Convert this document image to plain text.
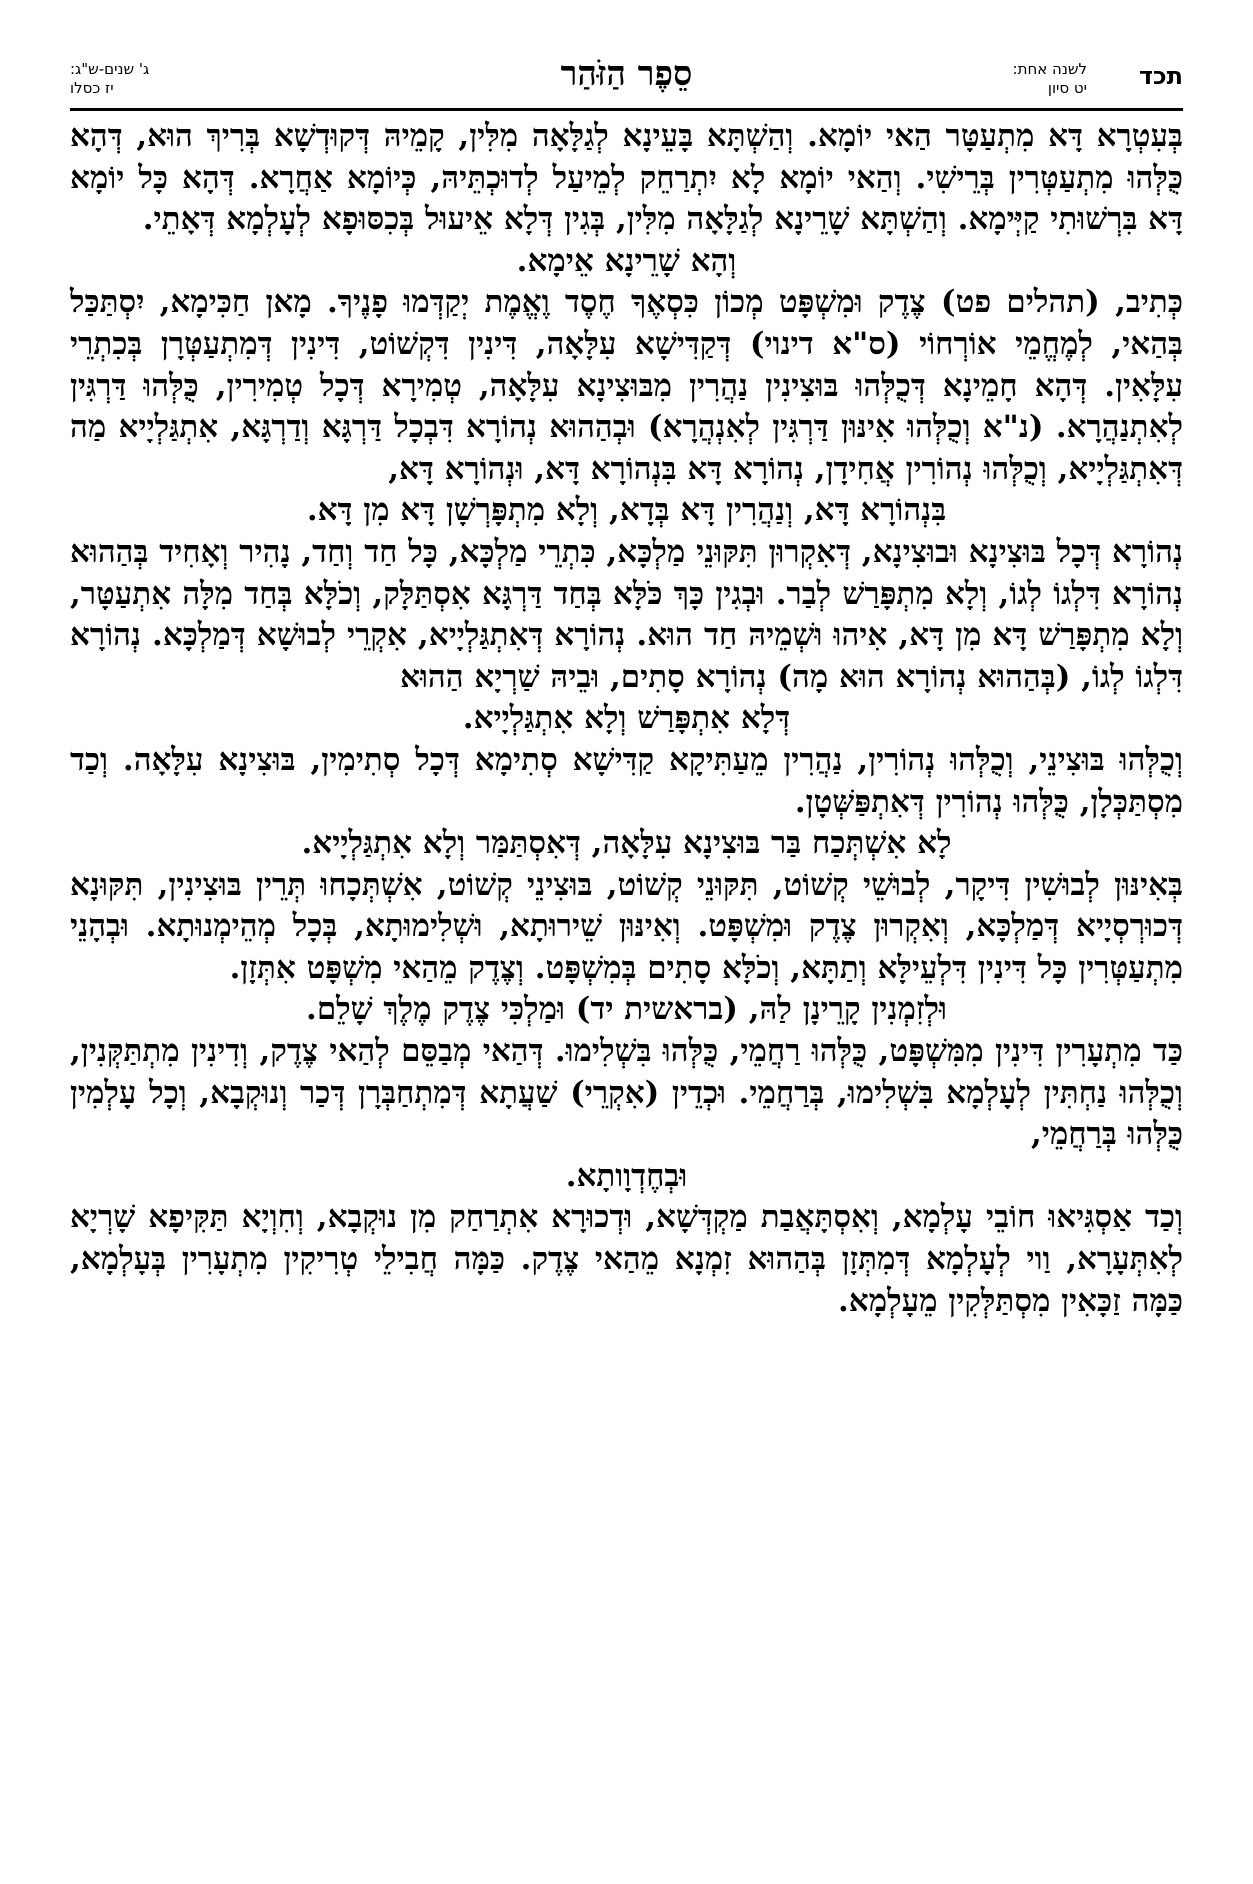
תכד
לשנה אחת:
יט סיון
סֵפֶר הַזֹּהַר
ג' שנים-ש"ג:
יז כסלו
בְּעִטְרָא דָּא מִתְעַטָּר הַאי יוֹמָא. וְהַשְׁתָּא בָּעֵינָא לְגַלָּאָה מִלִּין, קָמֵיהּ דְּקוּדְשָׁא בְּרִיךְ הוּא, דְּהָא כֻּלְּהוּ מִתְעַטְּרִין בְּרֵישִׁי. וְהַאי יוֹמָא לָא יִתְרַחֵק לְמֵיעַל לְדוּכְתֵּיהּ, כְּיוֹמָא אַחֲרָא. דְּהָא כָּל יוֹמָא דָּא בִּרְשׁוּתִי קַיְּימָא. וְהַשְׁתָּא שָׁרֵינָא לְגַלָּאָה מִלִּין, בְּגִין דְּלָא אֵיעוּל בְּכִסּוּפָא לְעָלְמָא דְּאָתֵי.
וְהָא שָׁרֵינָא אֵימָא.
כְּתִיב, (תהלים פט) צֶדֶק וּמִשְׁפָּט מְכוֹן כִּסְאֶךָ חֶסֶד וֶאֱמֶת יְקַדְּמוּ פָנֶיךָ. מָאן חַכִּימָא, יִסְתַּכַּל בְּהַאי, לְמֶחֱמֵי אוֹרְחוֹי (ס"א דינוי) דְּקַדִּישָׁא עִלָּאָה, דִּינִין דִּקְשׁוֹט, דִּינִין דְּמִתְעַטְּרָן בְּכִתְרֵי עִלָּאִין. דְּהָא חָמֵינָא דְּכֻלְּהוּ בּוּצִינִין נַהֲרִין מִבּוּצִינָא עִלָּאָה, טְמִירָא דְּכָל טְמִירִין, כֻּלְּהוּ דַּרְגִּין לְאִתְנַהֲרָא. (נ"א וְכֻלְּהוּ אִינּוּן דַּרְגִּין לְאִנְהֲרָא) וּבְהַהוּא נְהוֹרָא דִּבְכָל דַּרְגָּא וְדַרְגָּא, אִתְגַּלְיָיא מַה דְּאִתְגַּלְיָיא, וְכֻלְּהוּ נְהוֹרִין אֲחִידָן, נְהוֹרָא דָּא בִּנְהוֹרָא דָּא, וּנְהוֹרָא דָּא,
בִּנְהוֹרָא דָּא, וְנַהֲרִין דָּא בְּדָא, וְלָא מִתְפָּרְשָׁן דָּא מִן דָּא.
נְהוֹרָא דְּכָל בּוּצִינָא וּבוּצִינָא, דְּאִקְרוּן תִּקּוּנֵי מַלְכָּא, כִּתְרֵי מַלְכָּא, כָּל חַד וְחַד, נָהִיר וְאָחִיד בְּהַהוּא נְהוֹרָא דִּלְגוֹ לְגוֹ, וְלָא מִתְפָּרַשׁ לְבַר. וּבְגִין כָּךְ כֹּלָּא בְּחַד דַּרְגָּא אִסְתַּלָּק, וְכֹלָּא בְּחַד מִלָּה אִתְעַטָּר, וְלָא מִתְפָּרַשׁ דָּא מִן דָּא, אִיהוּ וּשְׁמֵיהּ חַד הוּא. נְהוֹרָא דְּאִתְגַּלְיָיא, אִקְרֵי לְבוּשָׁא דְּמַלְכָּא. נְהוֹרָא דִּלְגוֹ לְגוֹ, (בְּהַהוּא נְהוֹרָא הוּא מָה) נְהוֹרָא סָתִים, וּבֵיהּ שַׁרְיָא הַהוּא
דְּלָא אִתְפָּרַשׁ וְלָא אִתְגַּלְיָיא.
וְכֻלְּהוּ בּוּצִינֵי, וְכֻלְּהוּ נְהוֹרִין, נַהֲרִין מֵעַתִּיקָא קַדִּישָׁא סְתִימָא דְּכָל סְתִימִין, בּוּצִינָא עִלָּאָה. וְכַד מִסְתַּכְּלָן, כֻּלְּהוּ נְהוֹרִין דְּאִתְפַּשְּׁטָן.
לָא אִשְׁתְּכַח בַּר בּוּצִינָא עִלָּאָה, דְּאִסְתַּמַּר וְלָא אִתְגַּלְיָיא.
בְּאִינּוּן לְבוּשִׁין דִּיקָר, לְבוּשֵׁי קְשׁוֹט, תִּקּוּנֵי קְשׁוֹט, בּוּצִינֵי קְשׁוֹט, אִשְׁתְּכָחוּ תְּרֵין בּוּצִינִין, תִּקּוּנָא דְּכוּרְסְיָיא דְּמַלְכָּא, וְאִקְרוּן צֶדֶק וּמִשְׁפָּט. וְאִינּוּן שֵׁירוּתָא, וּשְׁלִימוּתָא, בְּכָל מְהֵימְנוּתָא. וּבְהָנֵי מִתְעַטְּרִין כָּל דִּינִין דִּלְעֵילָּא וְתַתָּא, וְכֹלָּא סָתִים בְּמִשְׁפָּט. וְצֶדֶק מֵהַאי מִשְׁפָּט אִתְּזָן.
וּלְזִמְנִין קָרֵינָן לַהּ, (בראשית יד) וּמַלְכִּי צֶדֶק מֶלֶךְ שָׁלֵם.
כַּד מִתְעָרִין דִּינִין מִמִּשְׁפָּט, כֻּלְּהוּ רַחֲמֵי, כֻּלְּהוּ בִּשְׁלִימוּ. דְּהַאי מְבַסֵּם לְהַאי צֶדֶק, וְדִינִין מִתְתַּקְּנִין, וְכֻלְּהוּ נַחְתִּין לְעָלְמָא בִּשְׁלִימוּ, בְּרַחֲמֵי. וּכְדֵין (אִקְרֵי) שַׁעֲתָא דְּמִתְחַבְּרָן דְּכַר וְנוּקְבָא, וְכָל עָלְמִין כֻּלְּהוּ בְּרַחֲמֵי,
וּבְחֶדְוָותָא.
וְכַד אַסְגִּיאוּ חוֹבֵי עָלְמָא, וְאִסְתָּאֲבַת מַקְדְּשָׁא, וּדְכוּרָא אִתְרַחַק מִן נוּקְבָא, וְחִוְיָא תַּקִּיפָא שָׁרְיָא לְאִתְּעָרָא, וַוי לְעָלְמָא דְּמִתְּזָן בְּהַהוּא זִמְנָא מֵהַאי צֶדֶק. כַּמָּה חֲבִילֵי טְרִיקִין מִתְעָרִין בְּעָלְמָא, כַּמָּה זַכָּאִין מִסְתַּלְּקִין מֵעָלְמָא.
